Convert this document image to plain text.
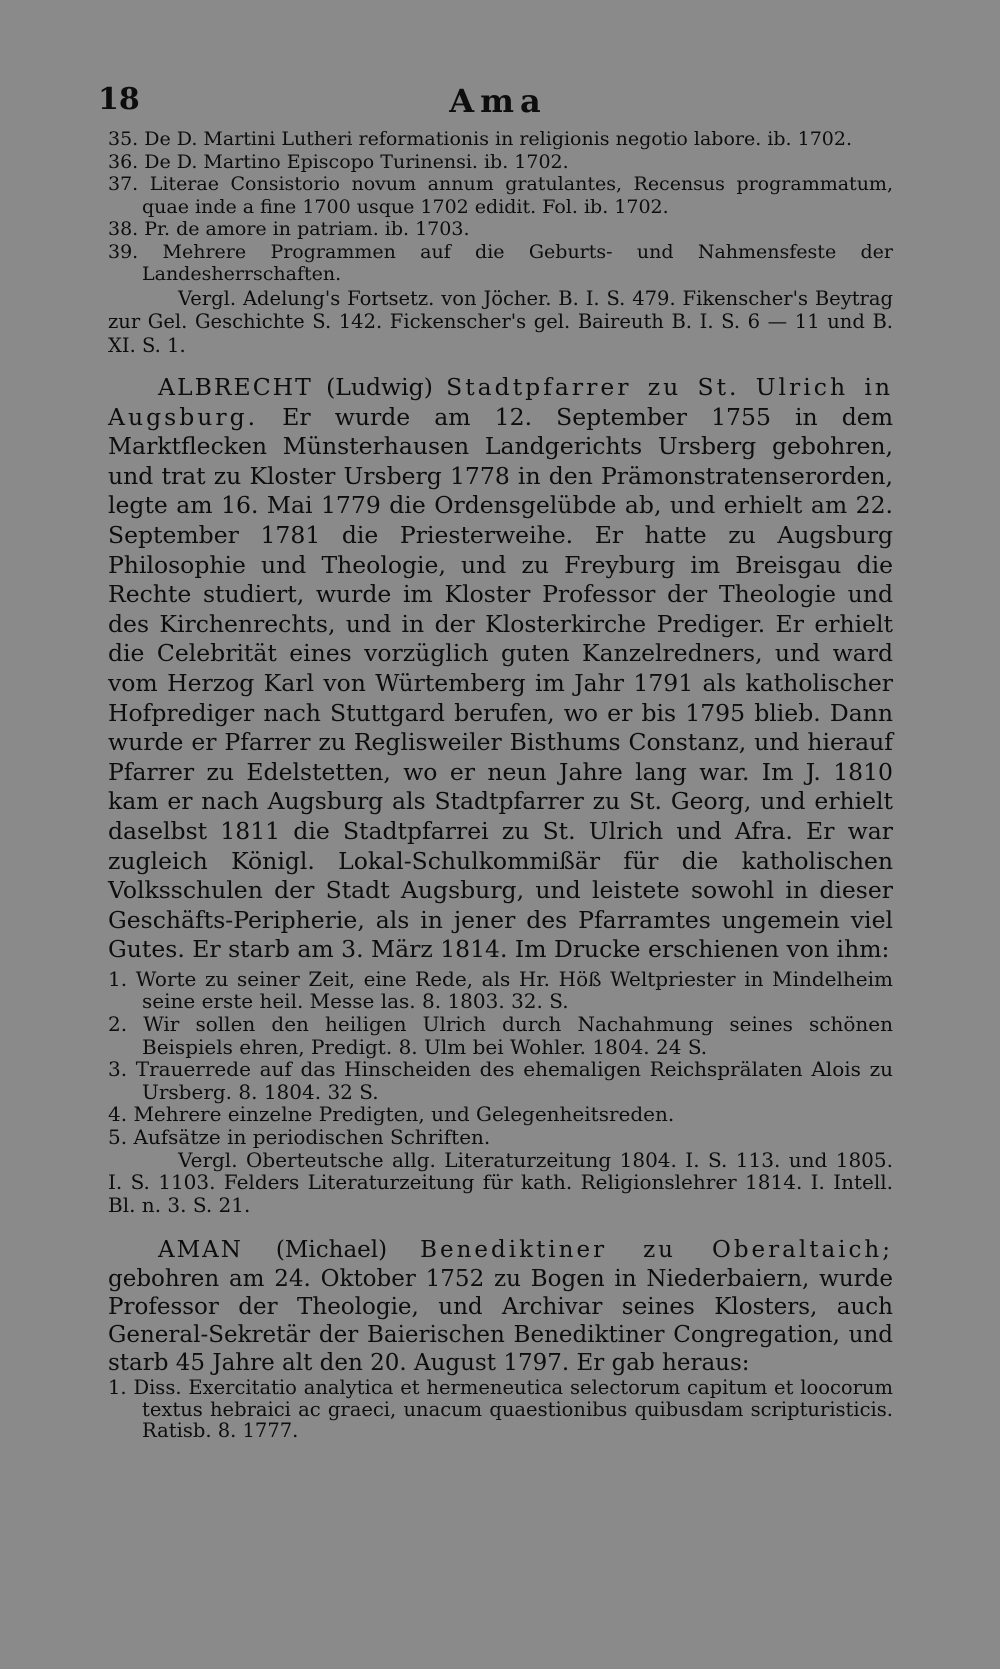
18	Ama
35. De D. Martini Lutheri reformationis in religionis negotio labore. ib. 1702.
36. De D. Martino Episcopo Turinensi. ib. 1702.
37. Literae Consistorio novum annum gratulantes, Recensus programmatum, quae inde a fine 1700 usque 1702 edidit. Fol. ib. 1702.
38. Pr. de amore in patriam. ib. 1703.
39. Mehrere Programmen auf die Geburts- und Nahmensfeste der Landesherrschaften.
Vergl. Adelung's Fortsetz. von Jöcher. B. I. S. 479. Fikenscher's Beytrag zur Gel. Geschichte S. 142. Fickenscher's gel. Baireuth B. I. S. 6 — 11 und B. XI. S. 1.
ALBRECHT (Ludwig) Stadtpfarrer zu St. Ulrich in Augsburg. Er wurde am 12. September 1755 in dem Marktflecken Münsterhausen Landgerichts Ursberg gebohren, und trat zu Kloster Ursberg 1778 in den Prämonstratenserorden, legte am 16. Mai 1779 die Ordensgelübde ab, und erhielt am 22. September 1781 die Priesterweihe. Er hatte zu Augsburg Philosophie und Theologie, und zu Freyburg im Breisgau die Rechte studiert, wurde im Kloster Professor der Theologie und des Kirchenrechts, und in der Klosterkirche Prediger. Er erhielt die Celebrität eines vorzüglich guten Kanzelredners, und ward vom Herzog Karl von Würtemberg im Jahr 1791 als katholischer Hofprediger nach Stuttgard berufen, wo er bis 1795 blieb. Dann wurde er Pfarrer zu Reglisweiler Bisthums Constanz, und hierauf Pfarrer zu Edelstetten, wo er neun Jahre lang war. Im J. 1810 kam er nach Augsburg als Stadtpfarrer zu St. Georg, und erhielt daselbst 1811 die Stadtpfarrei zu St. Ulrich und Afra. Er war zugleich Königl. Lokal-Schulkommißär für die katholischen Volksschulen der Stadt Augsburg, und leistete sowohl in dieser Geschäfts-Peripherie, als in jener des Pfarramtes ungemein viel Gutes. Er starb am 3. März 1814. Im Drucke erschienen von ihm:
1. Worte zu seiner Zeit, eine Rede, als Hr. Höß Weltpriester in Mindelheim seine erste heil. Messe las. 8. 1803. 32. S.
2. Wir sollen den heiligen Ulrich durch Nachahmung seines schönen Beispiels ehren, Predigt. 8. Ulm bei Wohler. 1804. 24 S.
3. Trauerrede auf das Hinscheiden des ehemaligen Reichsprälaten Alois zu Ursberg. 8. 1804. 32 S.
4. Mehrere einzelne Predigten, und Gelegenheitsreden.
5. Aufsätze in periodischen Schriften.
Vergl. Oberteutsche allg. Literaturzeitung 1804. I. S. 113. und 1805. I. S. 1103. Felders Literaturzeitung für kath. Religionslehrer 1814. I. Intell. Bl. n. 3. S. 21.
AMAN (Michael) Benediktiner zu Oberaltaich; gebohren am 24. Oktober 1752 zu Bogen in Niederbaiern, wurde Professor der Theologie, und Archivar seines Klosters, auch General-Sekretär der Baierischen Benediktiner Congregation, und starb 45 Jahre alt den 20. August 1797. Er gab heraus:
1. Diss. Exercitatio analytica et hermeneutica selectorum capitum et loocorum textus hebraici ac graeci, unacum quaestionibus quibusdam scripturisticis. Ratisb. 8. 1777.
